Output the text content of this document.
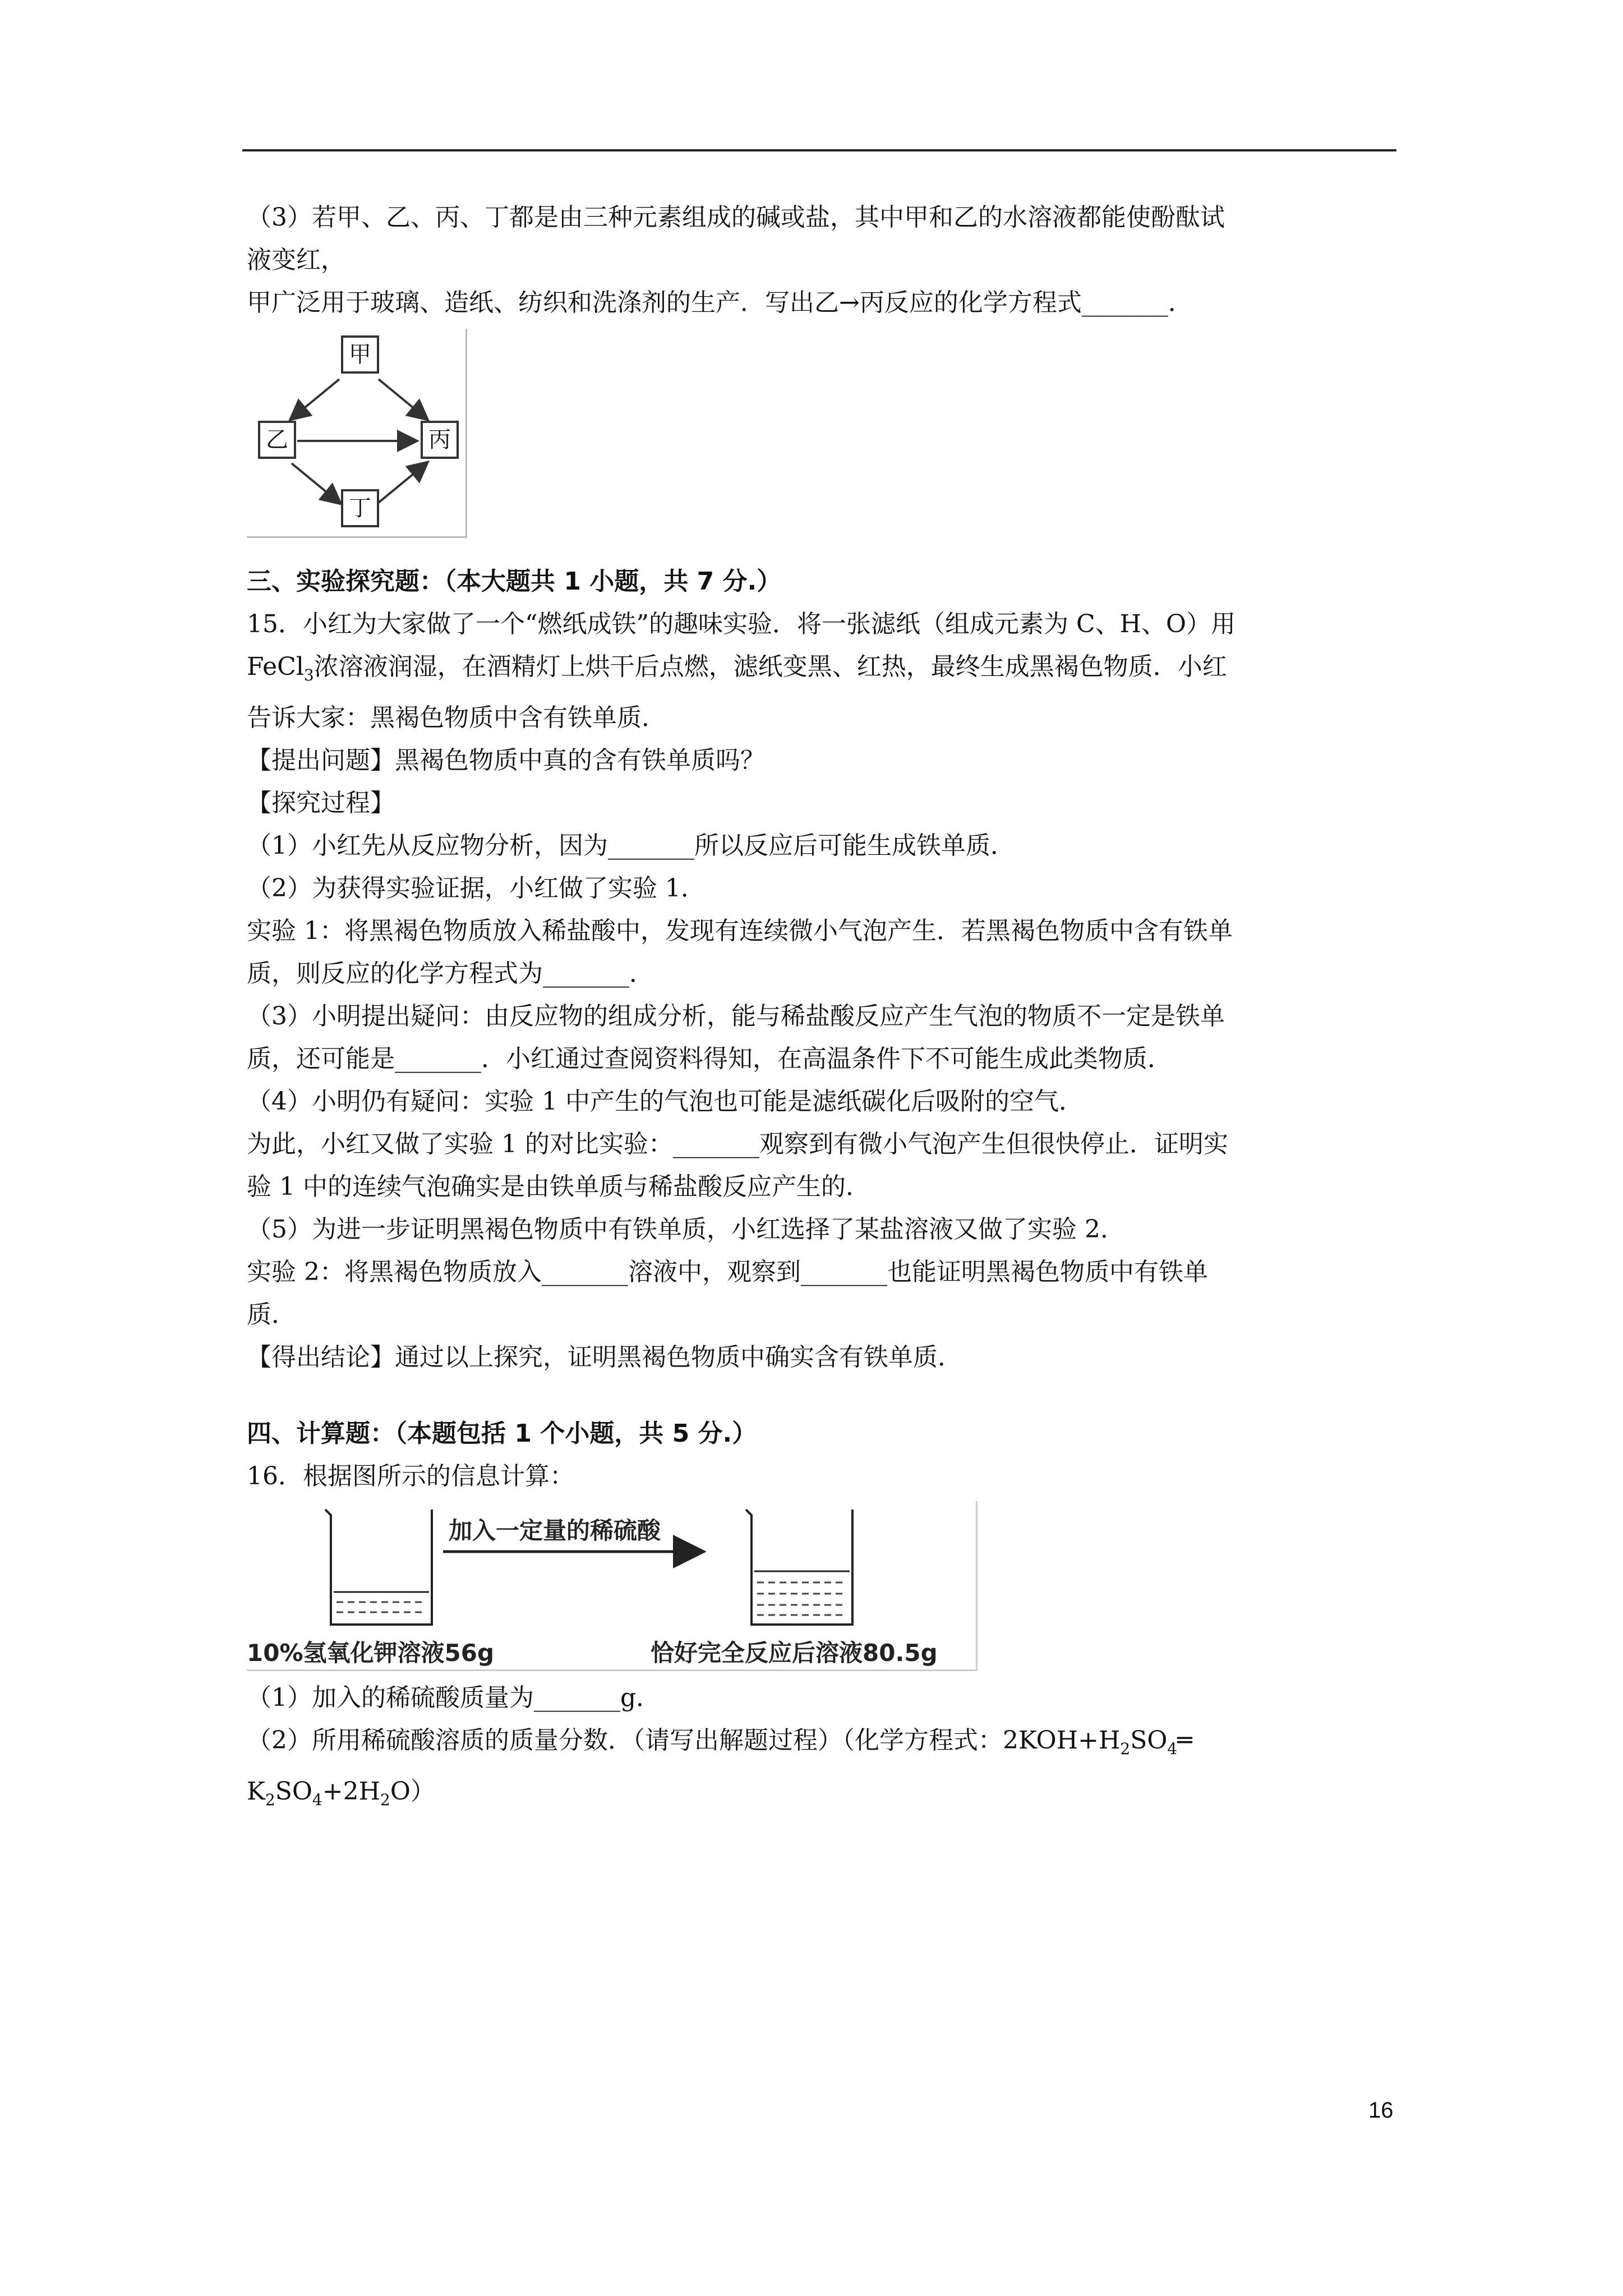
（3）若甲、乙、丙、丁都是由三种元素组成的碱或盐，其中甲和乙的水溶液都能使酚酞试

液变红，

甲广泛用于玻璃、造纸、纺织和洗涤剂的生产．写出乙→丙反应的化学方程式_______．

甲
乙	丙
丁

三、实验探究题：（本大题共 1 小题，共 7 分.）

15．小红为大家做了一个“燃纸成铁”的趣味实验．将一张滤纸（组成元素为 C、H、O）用

FeCl$_3$浓溶液润湿，在酒精灯上烘干后点燃，滤纸变黑、红热，最终生成黑褐色物质．小红

告诉大家：黑褐色物质中含有铁单质．

【提出问题】黑褐色物质中真的含有铁单质吗？

【探究过程】

（1）小红先从反应物分析，因为_______所以反应后可能生成铁单质．

（2）为获得实验证据，小红做了实验 1．

实验 1：将黑褐色物质放入稀盐酸中，发现有连续微小气泡产生．若黑褐色物质中含有铁单

质，则反应的化学方程式为_______．

（3）小明提出疑问：由反应物的组成分析，能与稀盐酸反应产生气泡的物质不一定是铁单

质，还可能是_______．小红通过查阅资料得知，在高温条件下不可能生成此类物质．

（4）小明仍有疑问：实验 1 中产生的气泡也可能是滤纸碳化后吸附的空气．

为此，小红又做了实验 1 的对比实验：_______观察到有微小气泡产生但很快停止．证明实

验 1 中的连续气泡确实是由铁单质与稀盐酸反应产生的．

（5）为进一步证明黑褐色物质中有铁单质，小红选择了某盐溶液又做了实验 2．

实验 2：将黑褐色物质放入_______溶液中，观察到_______也能证明黑褐色物质中有铁单

质．

【得出结论】通过以上探究，证明黑褐色物质中确实含有铁单质．

四、计算题：（本题包括 1 个小题，共 5 分.）

16．根据图所示的信息计算：

加入一定量的稀硫酸
10%氢氧化钾溶液56g	恰好完全反应后溶液80.5g

（1）加入的稀硫酸质量为_______g．

（2）所用稀硫酸溶质的质量分数．（请写出解题过程）（化学方程式：$2KOH+H_2SO_4═$

$K_2SO_4+2H_2O$）

16
